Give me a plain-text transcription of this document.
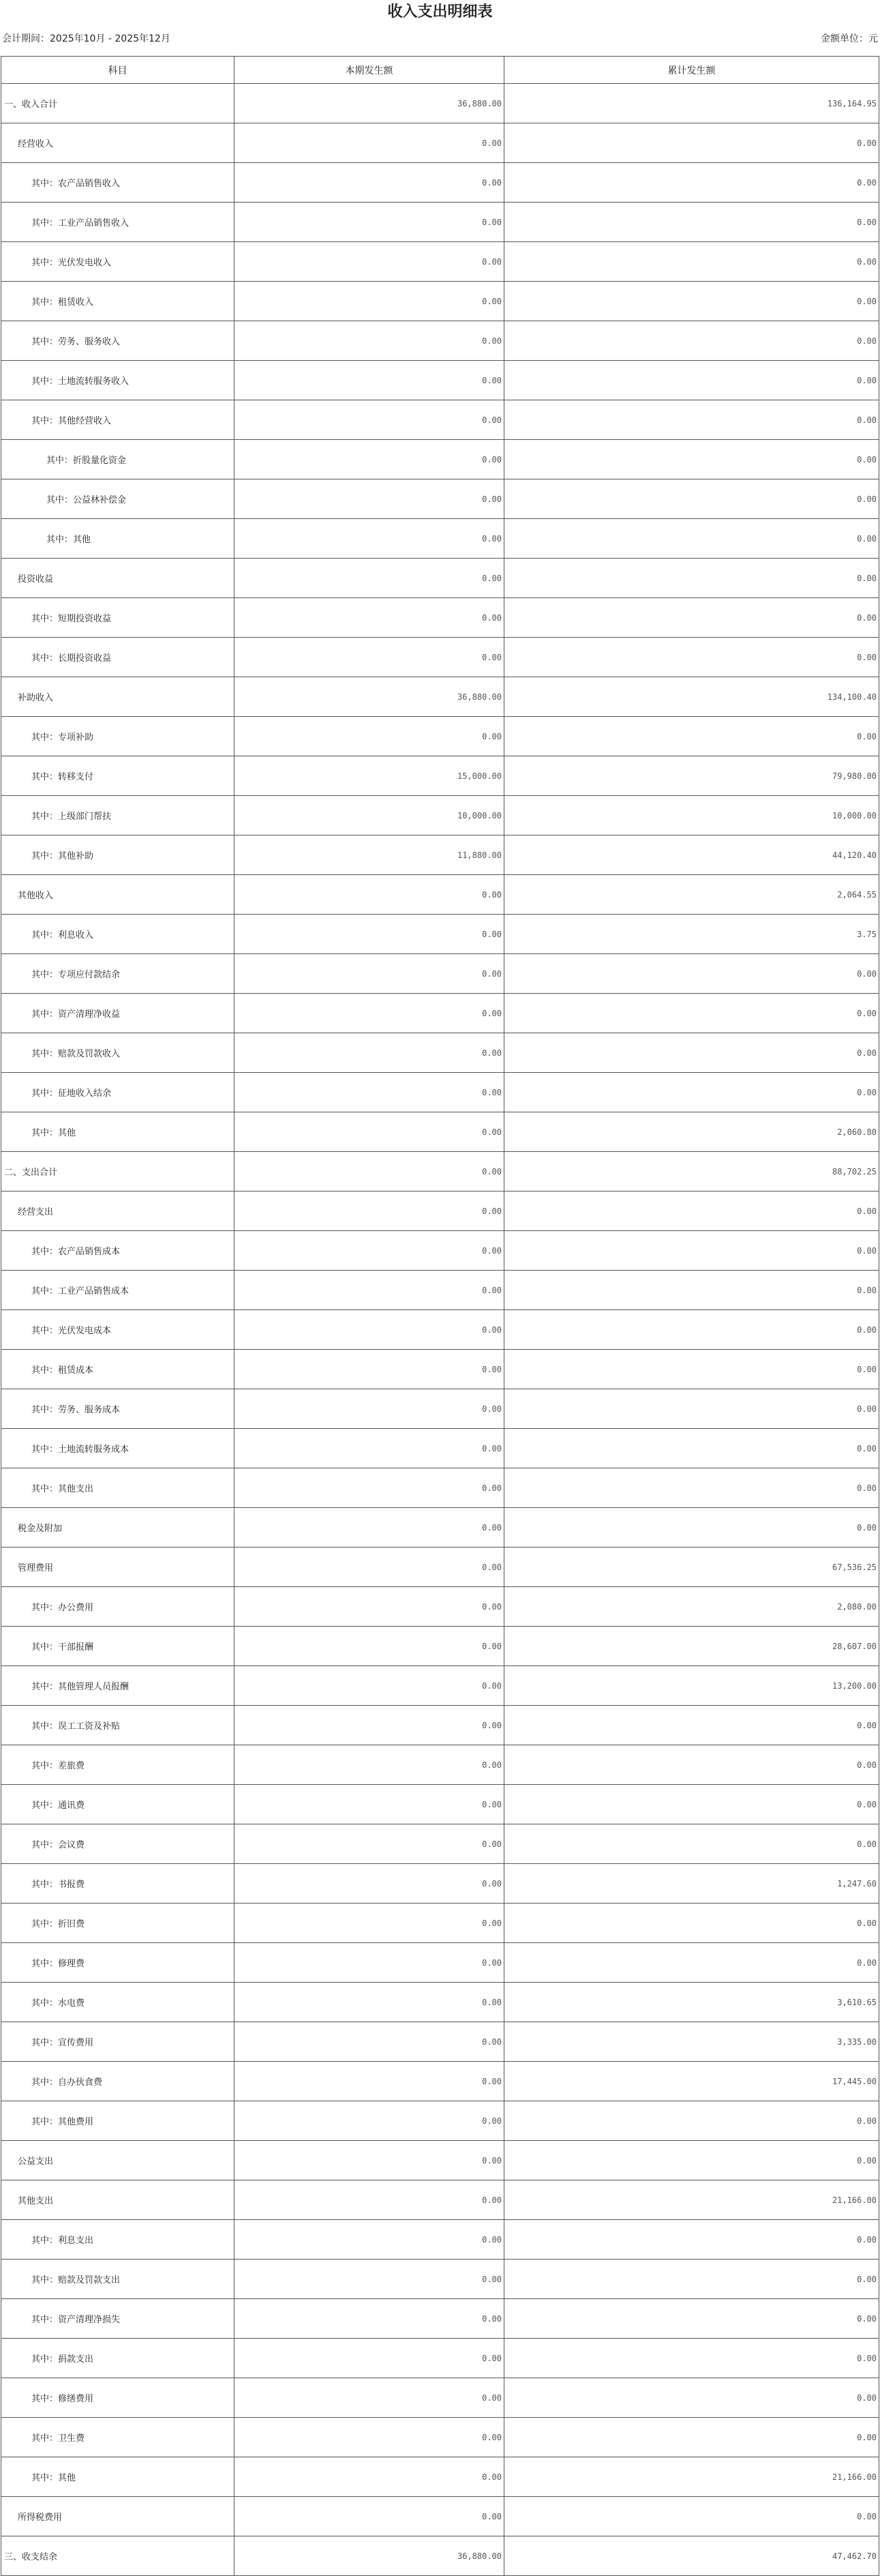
收入支出明细表
会计期间：2025年10月 - 2025年12月	金额单位：元
科目	本期发生额	累计发生额
一、收入合计	36,880.00	136,164.95
经营收入	0.00	0.00
其中：农产品销售收入	0.00	0.00
其中：工业产品销售收入	0.00	0.00
其中：光伏发电收入	0.00	0.00
其中：租赁收入	0.00	0.00
其中：劳务、服务收入	0.00	0.00
其中：土地流转服务收入	0.00	0.00
其中：其他经营收入	0.00	0.00
其中：折股量化资金	0.00	0.00
其中：公益林补偿金	0.00	0.00
其中：其他	0.00	0.00
投资收益	0.00	0.00
其中：短期投资收益	0.00	0.00
其中：长期投资收益	0.00	0.00
补助收入	36,880.00	134,100.40
其中：专项补助	0.00	0.00
其中：转移支付	15,000.00	79,980.00
其中：上级部门帮扶	10,000.00	10,000.00
其中：其他补助	11,880.00	44,120.40
其他收入	0.00	2,064.55
其中：利息收入	0.00	3.75
其中：专项应付款结余	0.00	0.00
其中：资产清理净收益	0.00	0.00
其中：赔款及罚款收入	0.00	0.00
其中：征地收入结余	0.00	0.00
其中：其他	0.00	2,060.80
二、支出合计	0.00	88,702.25
经营支出	0.00	0.00
其中：农产品销售成本	0.00	0.00
其中：工业产品销售成本	0.00	0.00
其中：光伏发电成本	0.00	0.00
其中：租赁成本	0.00	0.00
其中：劳务、服务成本	0.00	0.00
其中：土地流转服务成本	0.00	0.00
其中：其他支出	0.00	0.00
税金及附加	0.00	0.00
管理费用	0.00	67,536.25
其中：办公费用	0.00	2,080.00
其中：干部报酬	0.00	28,607.00
其中：其他管理人员报酬	0.00	13,200.00
其中：误工工资及补贴	0.00	0.00
其中：差旅费	0.00	0.00
其中：通讯费	0.00	0.00
其中：会议费	0.00	0.00
其中：书报费	0.00	1,247.60
其中：折旧费	0.00	0.00
其中：修理费	0.00	0.00
其中：水电费	0.00	3,610.65
其中：宣传费用	0.00	3,335.00
其中：自办伙食费	0.00	17,445.00
其中：其他费用	0.00	0.00
公益支出	0.00	0.00
其他支出	0.00	21,166.00
其中：利息支出	0.00	0.00
其中：赔款及罚款支出	0.00	0.00
其中：资产清理净损失	0.00	0.00
其中：捐款支出	0.00	0.00
其中：修缮费用	0.00	0.00
其中：卫生费	0.00	0.00
其中：其他	0.00	21,166.00
所得税费用	0.00	0.00
三、收支结余	36,880.00	47,462.70
